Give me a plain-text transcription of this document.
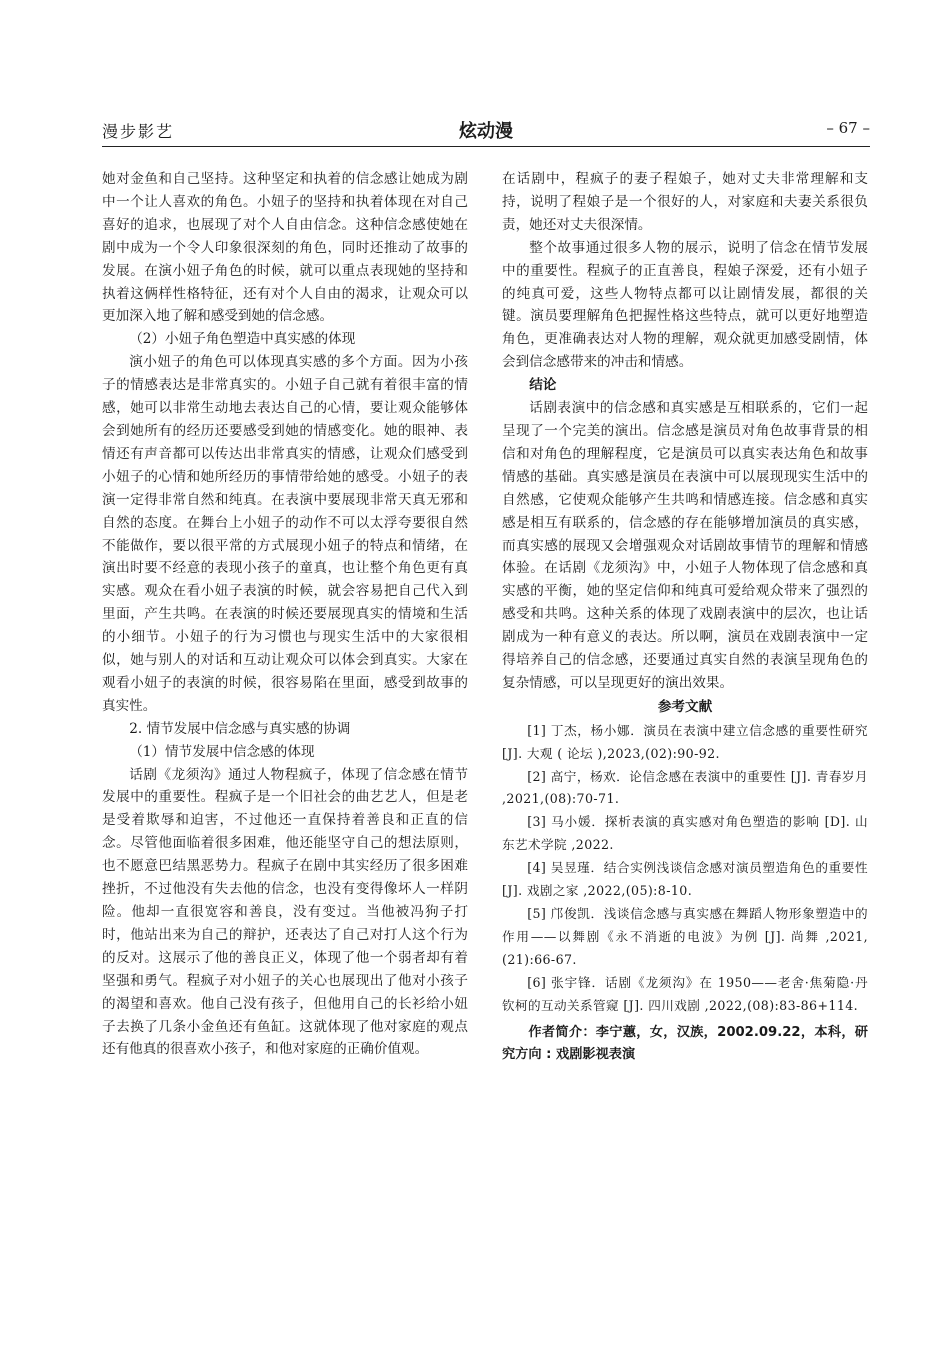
漫步影艺	炫动漫	– 67 –

她对金鱼和自己坚持。这种坚定和执着的信念感让她成为剧中一个让人喜欢的角色。小妞子的坚持和执着体现在对自己喜好的追求，也展现了对个人自由信念。这种信念感使她在剧中成为一个令人印象很深刻的角色，同时还推动了故事的发展。在演小妞子角色的时候，就可以重点表现她的坚持和执着这俩样性格特征，还有对个人自由的渴求，让观众可以更加深入地了解和感受到她的信念感。

（2）小妞子角色塑造中真实感的体现

演小妞子的角色可以体现真实感的多个方面。因为小孩子的情感表达是非常真实的。小妞子自己就有着很丰富的情感，她可以非常生动地去表达自己的心情，要让观众能够体会到她所有的经历还要感受到她的情感变化。她的眼神、表情还有声音都可以传达出非常真实的情感，让观众们感受到小妞子的心情和她所经历的事情带给她的感受。小妞子的表演一定得非常自然和纯真。在表演中要展现非常天真无邪和自然的态度。在舞台上小妞子的动作不可以太浮夸要很自然不能做作，要以很平常的方式展现小妞子的特点和情绪，在演出时要不经意的表现小孩子的童真，也让整个角色更有真实感。观众在看小妞子表演的时候，就会容易把自己代入到里面，产生共鸣。在表演的时候还要展现真实的情境和生活的小细节。小妞子的行为习惯也与现实生活中的大家很相似，她与别人的对话和互动让观众可以体会到真实。大家在观看小妞子的表演的时候，很容易陷在里面，感受到故事的真实性。

2. 情节发展中信念感与真实感的协调

（1）情节发展中信念感的体现

话剧《龙须沟》通过人物程疯子，体现了信念感在情节发展中的重要性。程疯子是一个旧社会的曲艺艺人，但是老是受着欺辱和迫害，不过他还一直保持着善良和正直的信念。尽管他面临着很多困难，他还能坚守自己的想法原则，也不愿意巴结黑恶势力。程疯子在剧中其实经历了很多困难挫折，不过他没有失去他的信念，也没有变得像坏人一样阴险。他却一直很宽容和善良，没有变过。当他被冯狗子打时，他站出来为自己的辩护，还表达了自己对打人这个行为的反对。这展示了他的善良正义，体现了他一个弱者却有着坚强和勇气。程疯子对小妞子的关心也展现出了他对小孩子的渴望和喜欢。他自己没有孩子，但他用自己的长衫给小妞子去换了几条小金鱼还有鱼缸。这就体现了他对家庭的观点还有他真的很喜欢小孩子，和他对家庭的正确价值观。

在话剧中，程疯子的妻子程娘子，她对丈夫非常理解和支持，说明了程娘子是一个很好的人，对家庭和夫妻关系很负责，她还对丈夫很深情。

整个故事通过很多人物的展示，说明了信念在情节发展中的重要性。程疯子的正直善良，程娘子深爱，还有小妞子的纯真可爱，这些人物特点都可以让剧情发展，都很的关键。演员要理解角色把握性格这些特点，就可以更好地塑造角色，更准确表达对人物的理解，观众就更加感受剧情，体会到信念感带来的冲击和情感。

结论

话剧表演中的信念感和真实感是互相联系的，它们一起呈现了一个完美的演出。信念感是演员对角色故事背景的相信和对角色的理解程度，它是演员可以真实表达角色和故事情感的基础。真实感是演员在表演中可以展现现实生活中的自然感，它使观众能够产生共鸣和情感连接。信念感和真实感是相互有联系的，信念感的存在能够增加演员的真实感，而真实感的展现又会增强观众对话剧故事情节的理解和情感体验。在话剧《龙须沟》中，小妞子人物体现了信念感和真实感的平衡，她的坚定信仰和纯真可爱给观众带来了强烈的感受和共鸣。这种关系的体现了戏剧表演中的层次，也让话剧成为一种有意义的表达。所以啊，演员在戏剧表演中一定得培养自己的信念感，还要通过真实自然的表演呈现角色的复杂情感，可以呈现更好的演出效果。

参考文献

[1] 丁杰，杨小娜．演员在表演中建立信念感的重要性研究 [J]. 大观 ( 论坛 ),2023,(02):90-92.

[2] 高宁，杨欢．论信念感在表演中的重要性 [J]. 青春岁月 ,2021,(08):70-71.

[3] 马小媛．探析表演的真实感对角色塑造的影响 [D]. 山东艺术学院 ,2022.

[4] 吴昱瑾．结合实例浅谈信念感对演员塑造角色的重要性 [J]. 戏剧之家 ,2022,(05):8-10.

[5] 邝俊凯．浅谈信念感与真实感在舞蹈人物形象塑造中的作用——以舞剧《永不消逝的电波》为例 [J]. 尚舞 ,2021,(21):66-67.

[6] 张宇锋．话剧《龙须沟》在 1950——老舍·焦菊隐·丹钦柯的互动关系管窥 [J]. 四川戏剧 ,2022,(08):83-86+114.

作者简介：李宁蕙，女，汉族，2002.09.22，本科，研究方向 : 戏剧影视表演
